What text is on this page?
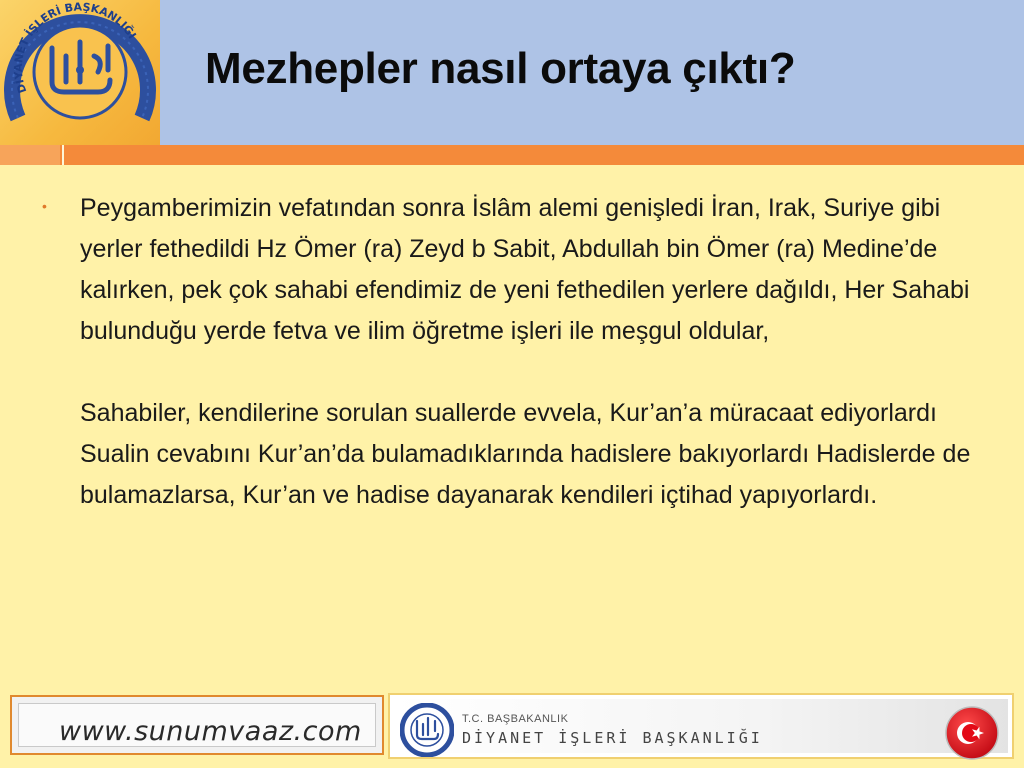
DİYANET İŞLERİ BAŞKANLIĞI
Mezhepler nasıl ortaya çıktı?
• Peygamberimizin vefatından sonra İslâm alemi genişledi İran, Irak, Suriye gibi yerler fethedildi Hz Ömer (ra) Zeyd b Sabit, Abdullah bin Ömer (ra) Medine’de kalırken, pek çok sahabi efendimiz de yeni fethedilen yerlere dağıldı, Her Sahabi bulunduğu yerde fetva ve ilim öğretme işleri ile meşgul oldular,
Sahabiler, kendilerine sorulan suallerde evvela, Kur’an’a müracaat ediyorlardı Sualin cevabını Kur’an’da bulamadıklarında hadislere bakıyorlardı Hadislerde de bulamazlarsa, Kur’an ve hadise dayanarak kendileri içtihad yapıyorlardı.
www.sunumvaaz.com	T.C. BAŞBAKANLIK
DİYANET İŞLERİ BAŞKANLIĞI
